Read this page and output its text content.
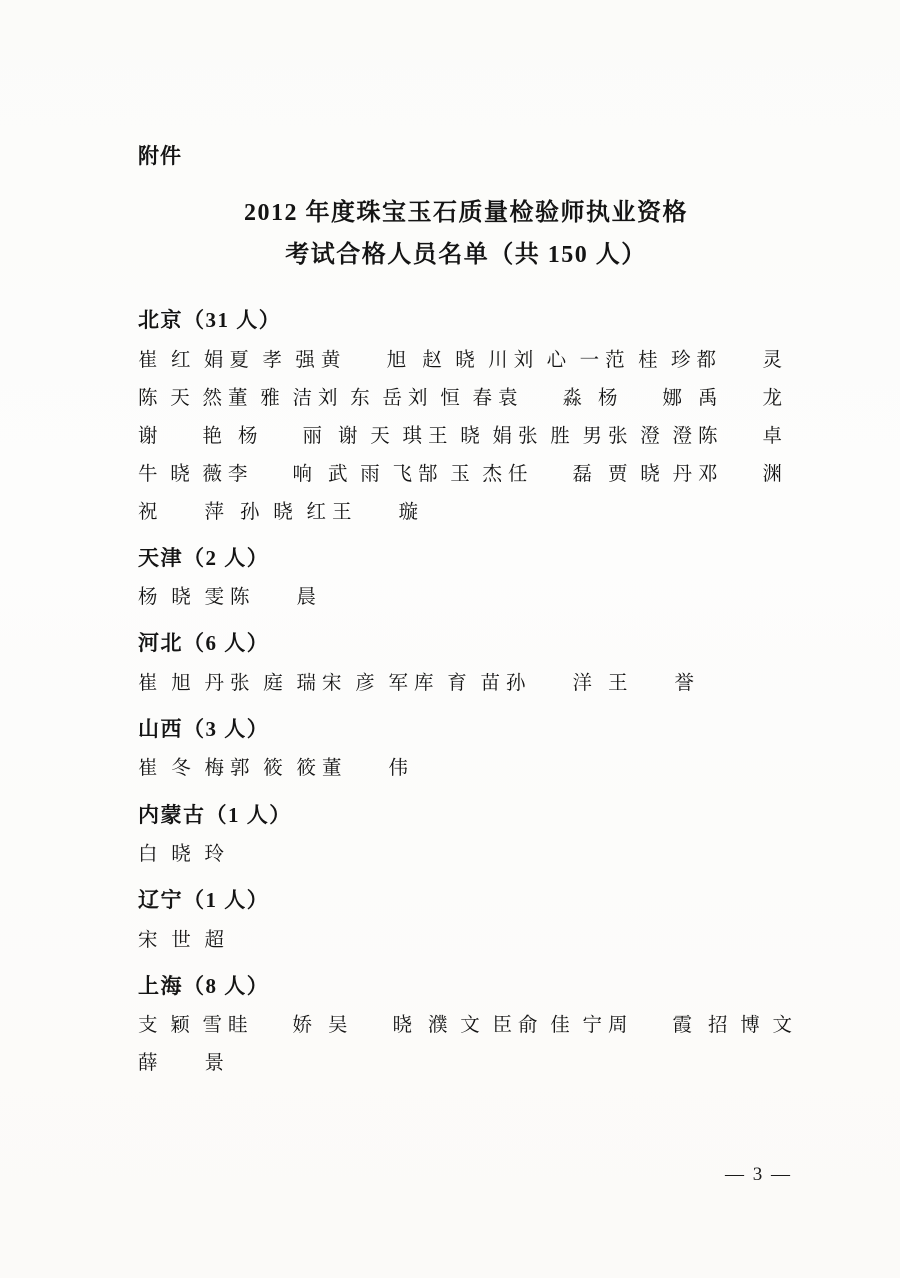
附件
2012 年度珠宝玉石质量检验师执业资格
考试合格人员名单（共 150 人）
北京（31 人）
崔 红 娟 夏 孝 强 黄 旭 赵 晓 川 刘 心 一 范 桂 珍 都 灵
陈 天 然 董 雅 洁 刘 东 岳 刘 恒 春 袁 淼 杨 娜 禹 龙
谢 艳 杨 丽 谢 天 琪 王 晓 娟 张 胜 男 张 澄 澄 陈 卓
牛 晓 薇 李 响 武 雨 飞 郜 玉 杰 任 磊 贾 晓 丹 邓 渊
祝 萍 孙 晓 红 王 璇
天津（2 人）
杨 晓 雯 陈 晨
河北（6 人）
崔 旭 丹 张 庭 瑞 宋 彦 军 库 育 苗 孙 洋 王 誉
山西（3 人）
崔 冬 梅 郭 筱 筱 董 伟
内蒙古（1 人）
白 晓 玲
辽宁（1 人）
宋 世 超
上海（8 人）
支 颖 雪 眭 娇 吴 晓 濮 文 臣 俞 佳 宁 周 霞 招 博 文
薛 景
— 3 —
